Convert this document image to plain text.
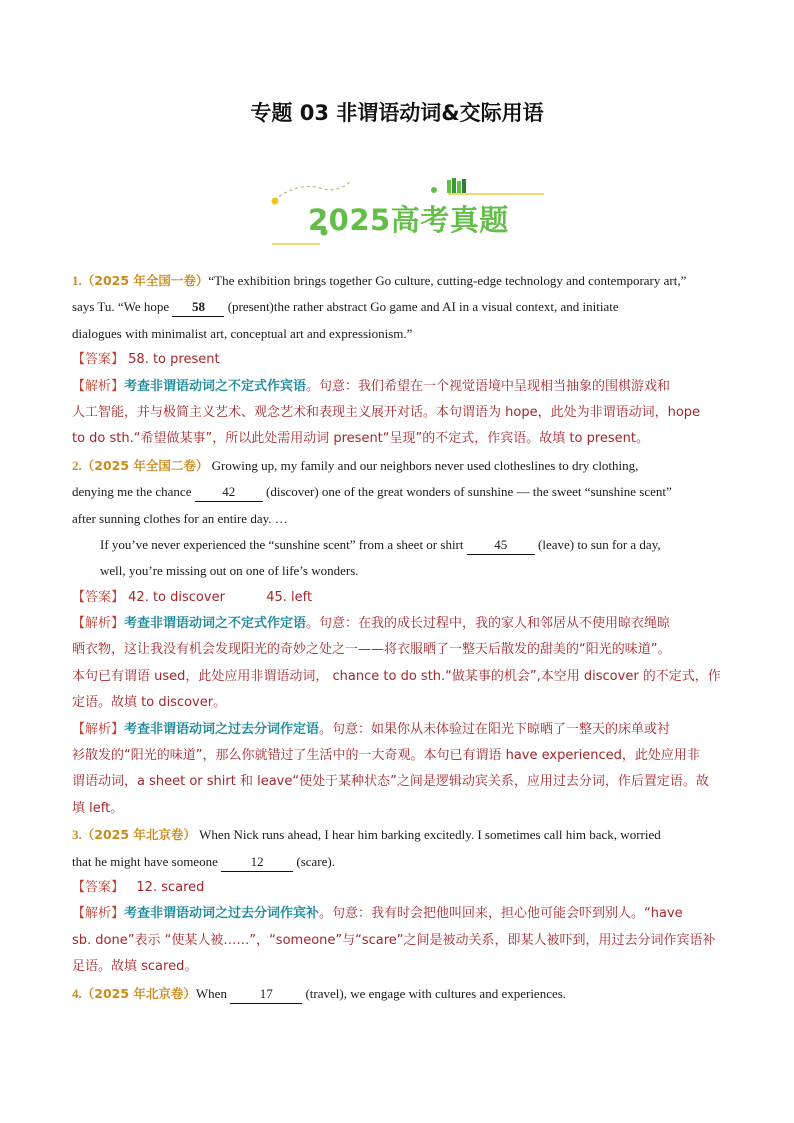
专题 03 非谓语动词&交际用语
2025高考真题
1.（2025 年全国一卷）“The exhibition brings together Go culture, cutting-edge technology and contemporary art,”
says Tu. “We hope 58 (present)the rather abstract Go game and AI in a visual context, and initiate
dialogues with minimalist art, conceptual art and expressionism.”
【答案】 58. to present
【解析】考查非谓语动词之不定式作宾语。句意：我们希望在一个视觉语境中呈现相当抽象的围棋游戏和
人工智能，并与极简主义艺术、观念艺术和表现主义展开对话。本句谓语为 hope，此处为非谓语动词，hope
to do sth.“希望做某事”，所以此处需用动词 present“呈现”的不定式，作宾语。故填 to present。
2.（2025 年全国二卷） Growing up, my family and our neighbors never used clotheslines to dry clothing,
denying me the chance 42 (discover) one of the great wonders of sunshine — the sweet “sunshine scent”
after sunning clothes for an entire day. …
If you’ve never experienced the “sunshine scent” from a sheet or shirt 45 (leave) to sun for a day,
well, you’re missing out on one of life’s wonders.
【答案】 42. to discover          45. left
【解析】考查非谓语动词之不定式作定语。句意：在我的成长过程中，我的家人和邻居从不使用晾衣绳晾
晒衣物，这让我没有机会发现阳光的奇妙之处之一——将衣服晒了一整天后散发的甜美的“阳光的味道”。
本句已有谓语 used，此处应用非谓语动词， chance to do sth.“做某事的机会”,本空用 discover 的不定式，作
定语。故填 to discover。
【解析】考查非谓语动词之过去分词作定语。句意：如果你从未体验过在阳光下晾晒了一整天的床单或衬
衫散发的“阳光的味道”，那么你就错过了生活中的一大奇观。本句已有谓语 have experienced，此处应用非
谓语动词，a sheet or shirt 和 leave“使处于某种状态”之间是逻辑动宾关系，应用过去分词，作后置定语。故
填 left。
3.（2025 年北京卷） When Nick runs ahead, I hear him barking excitedly. I sometimes call him back, worried
that he might have someone 12 (scare).
【答案】   12. scared
【解析】考查非谓语动词之过去分词作宾补。句意：我有时会把他叫回来，担心他可能会吓到别人。“have
sb. done”表示 “使某人被……”，“someone”与“scare”之间是被动关系，即某人被吓到，用过去分词作宾语补
足语。故填 scared。
4.（2025 年北京卷）When 17 (travel), we engage with cultures and experiences.
